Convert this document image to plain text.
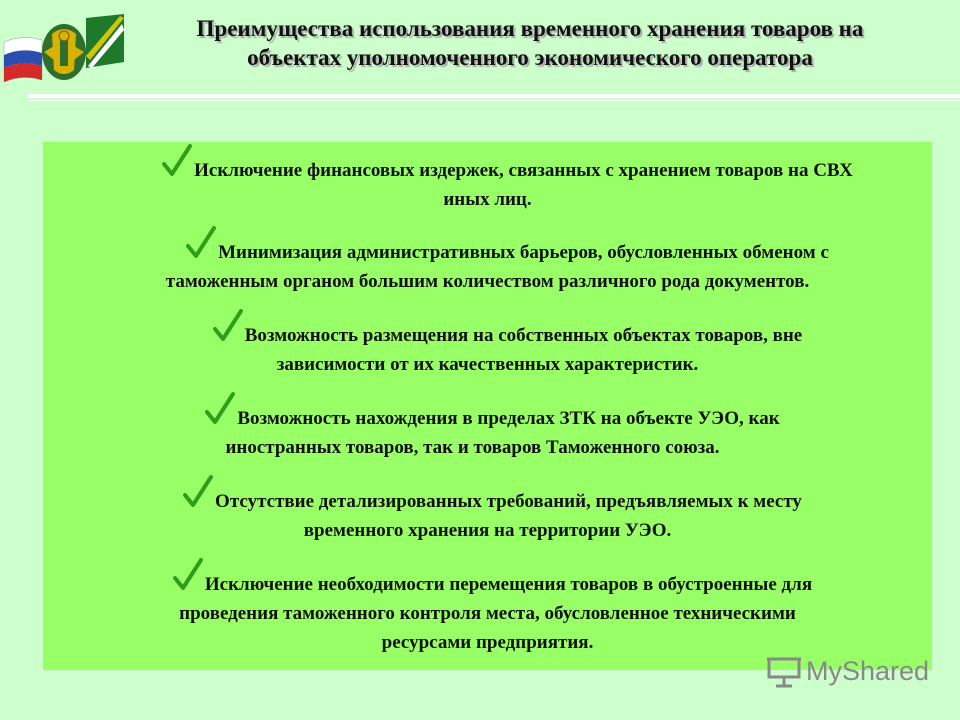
Преимущества использования временного хранения товаров на
объектах уполномоченного экономического оператора
Исключение финансовых издержек, связанных с хранением товаров на СВХ
иных лиц.
Минимизация административных барьеров, обусловленных обменом с
таможенным органом большим количеством различного рода документов.
Возможность размещения на собственных объектах товаров, вне
зависимости от их качественных характеристик.
Возможность нахождения в пределах ЗТК на объекте УЭО, как
иностранных товаров, так и товаров Таможенного союза.
Отсутствие детализированных требований, предъявляемых к месту
временного хранения на территории УЭО.
Исключение необходимости перемещения товаров в обустроенные для
проведения таможенного контроля места, обусловленное техническими
ресурсами предприятия.
MyShared
